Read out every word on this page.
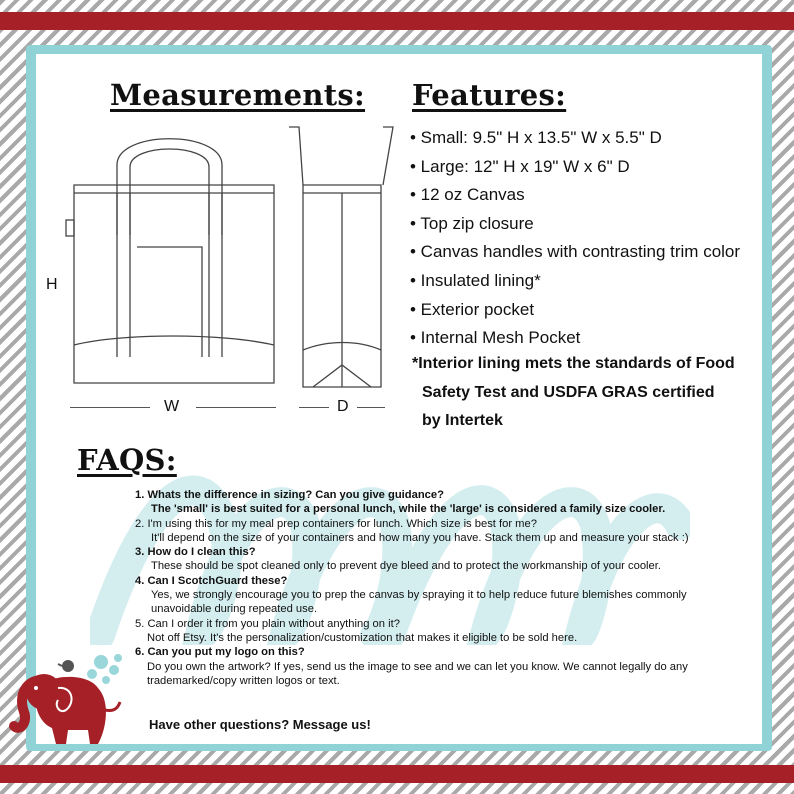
Measurements: Features:
FAQS:
H
W	D
• Small: 9.5" H x 13.5" W x 5.5" D
• Large: 12" H x 19" W x 6" D
• 12 oz Canvas
• Top zip closure
• Canvas handles with contrasting trim color
• Insulated lining*
• Exterior pocket
• Internal Mesh Pocket
*Interior lining mets the standards of Food
Safety Test and USDFA GRAS certified
by Intertek
1. Whats the difference in sizing? Can you give guidance?
The 'small' is best suited for a personal lunch, while the 'large' is considered a family size cooler.
2. I'm using this for my meal prep containers for lunch. Which size is best for me?
It'll depend on the size of your containers and how many you have. Stack them up and measure your stack :)
3. How do I clean this?
These should be spot cleaned only to prevent dye bleed and to protect the workmanship of your cooler.
4. Can I ScotchGuard these?
Yes, we strongly encourage you to prep the canvas by spraying it to help reduce future blemishes commonly unavoidable during repeated use.
5. Can I order it from you plain without anything on it?
Not off Etsy. It's the personalization/customization that makes it eligible to be sold here.
6. Can you put my logo on this?
Do you own the artwork? If yes, send us the image to see and we can let you know. We cannot legally do any trademarked/copy written logos or text.
Have other questions? Message us!
